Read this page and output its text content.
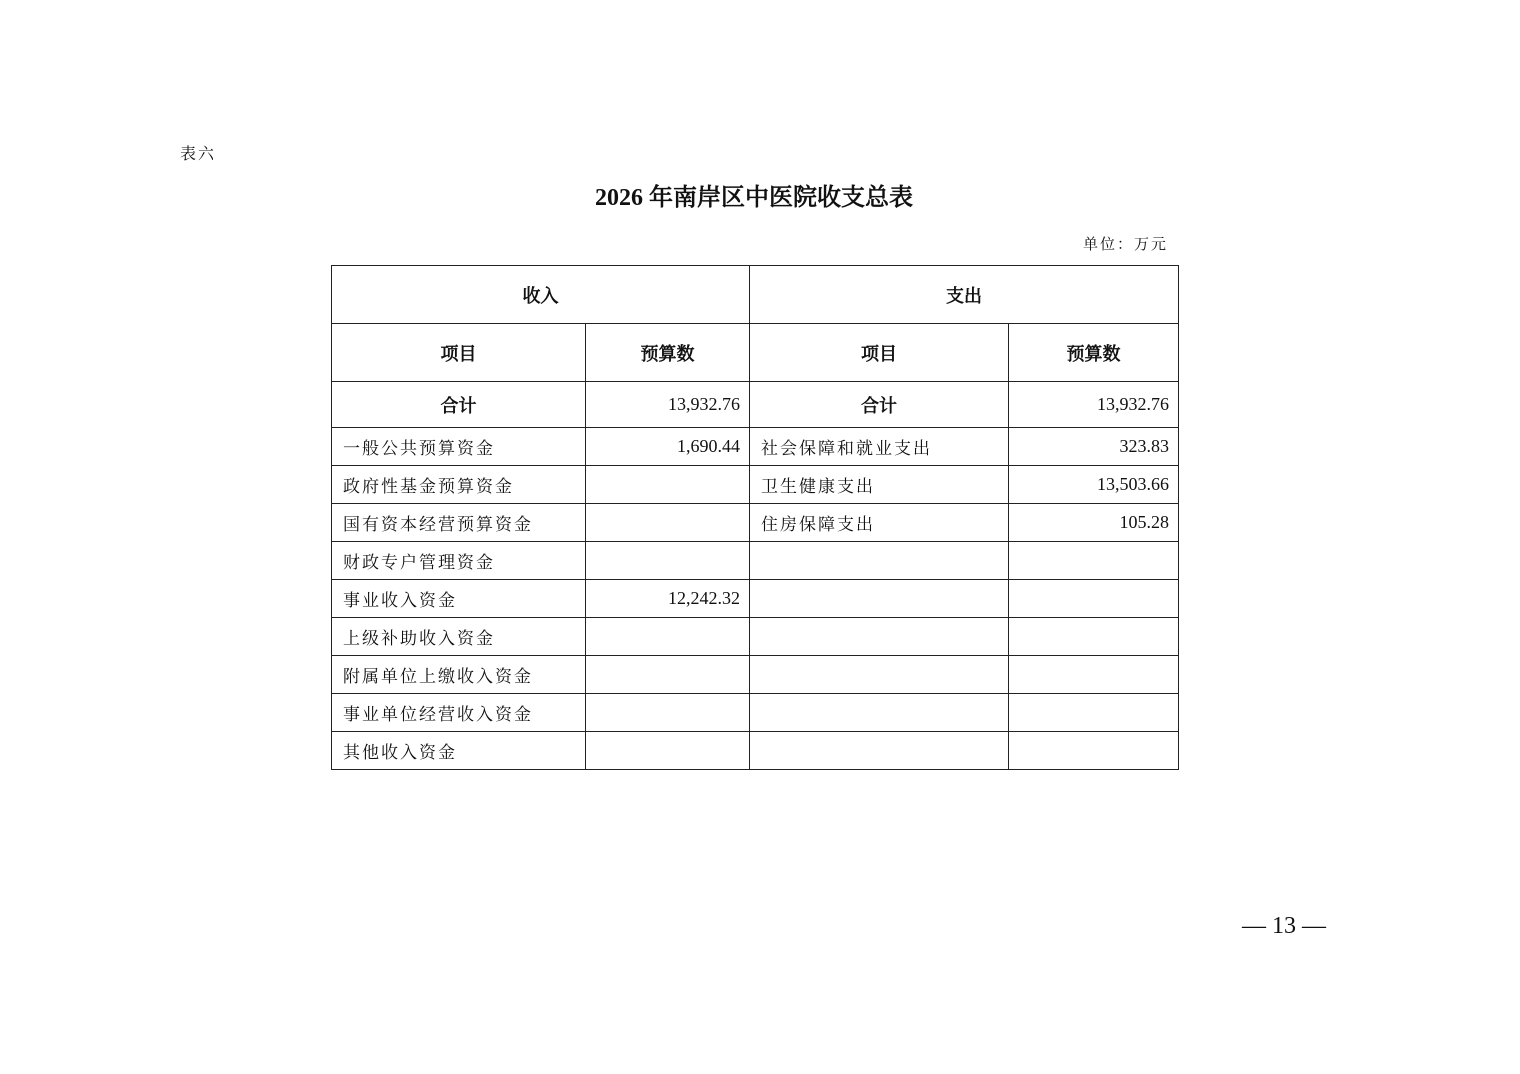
表六
2026 年南岸区中医院收支总表
单位：万元
收入		支出	
项目	预算数	项目	预算数
合计	13,932.76	合计	13,932.76
一般公共预算资金	1,690.44	社会保障和就业支出	323.83
政府性基金预算资金		卫生健康支出	13,503.66
国有资本经营预算资金		住房保障支出	105.28
财政专户管理资金			
事业收入资金	12,242.32		
上级补助收入资金			
附属单位上缴收入资金			
事业单位经营收入资金			
其他收入资金			
— 13 —
